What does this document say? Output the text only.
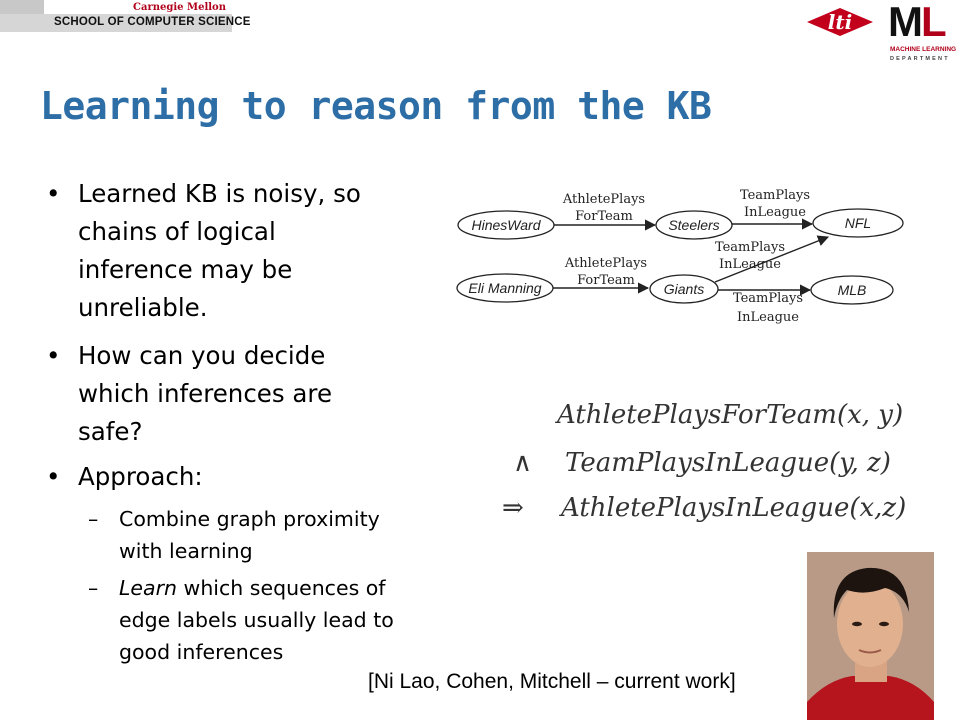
SCHOOL OF COMPUTER SCIENCE
Carnegie Mellon
lti ML
MACHINE LEARNING
DEPARTMENT
Learning to reason from the KB
• Learned KB is noisy, so
chains of logical
inference may be
unreliable.
• How can you decide
which inferences are
safe?
• Approach:
– Combine graph proximity
with learning
– Learn which sequences of
edge labels usually lead to
good inferences
HinesWard	Steelers	NFL
Eli Manning	Giants	MLB
AthletePlays
ForTeam
TeamPlays
InLeague
TeamPlays
InLeague
AthletePlays
ForTeam
TeamPlays
InLeague
AthletePlaysForTeam(x, y)
∧ TeamPlaysInLeague(y, z)
⇒ AthletePlaysInLeague(x,z)
[Ni Lao, Cohen, Mitchell – current work]
